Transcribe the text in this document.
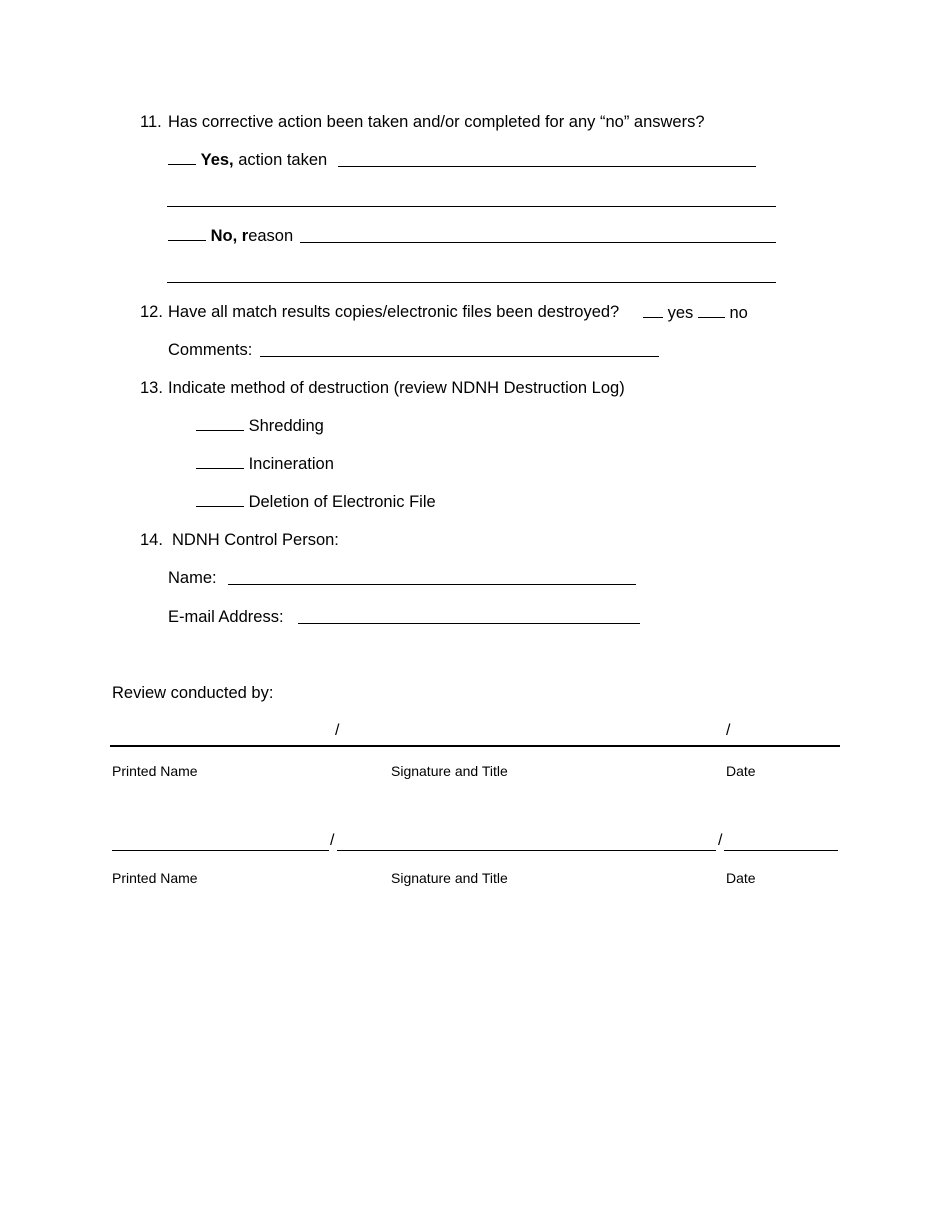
11. Has corrective action been taken and/or completed for any “no” answers?
Yes, action taken
No, reason
12. Have all match results copies/electronic files been destroyed?	yes no
Comments:
13. Indicate method of destruction (review NDNH Destruction Log)
Shredding
Incineration
Deletion of Electronic File
14. NDNH Control Person:
Name:
E-mail Address:
Review conducted by:
/	/
Printed Name	Signature and Title	Date
/	/
Printed Name	Signature and Title	Date
